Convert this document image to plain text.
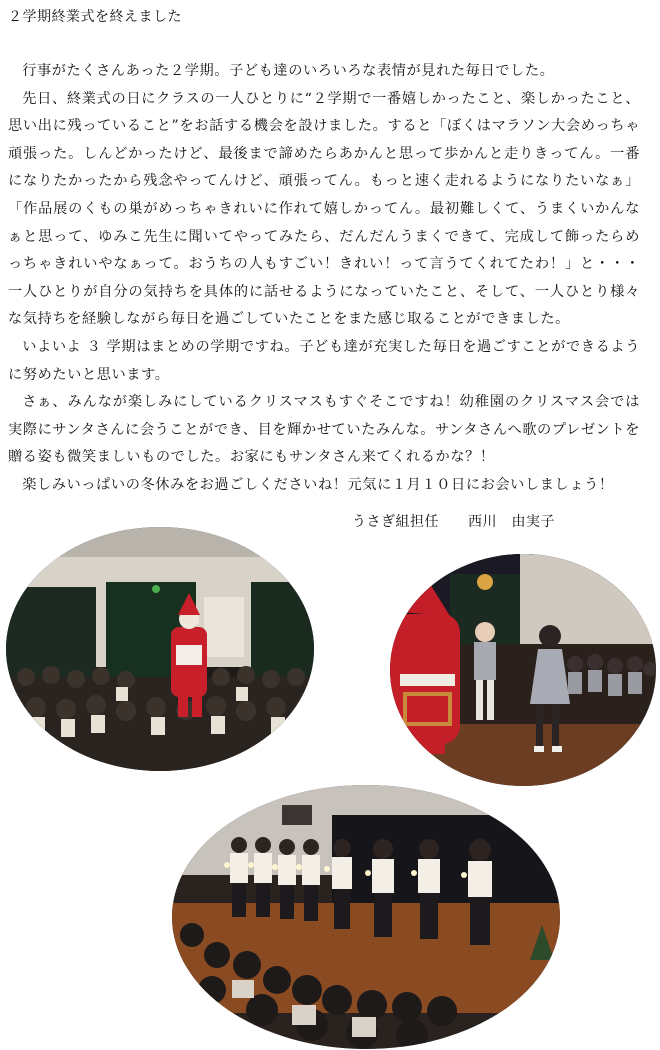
２学期終業式を終えました

行事がたくさんあった２学期。子ども達のいろいろな表情が見れた毎日でした。

先日、終業式の日にクラスの一人ひとりに“２学期で一番嬉しかったこと、楽しかったこと、思い出に残っていること”をお話する機会を設けました。すると「ぼくはマラソン大会めっちゃ頑張った。しんどかったけど、最後まで諦めたらあかんと思って歩かんと走りきってん。一番になりたかったから残念やってんけど、頑張ってん。もっと速く走れるようになりたいなぁ」「作品展のくもの巣がめっちゃきれいに作れて嬉しかってん。最初難しくて、うまくいかんなぁと思って、ゆみこ先生に聞いてやってみたら、だんだんうまくできて、完成して飾ったらめっちゃきれいやなぁって。おうちの人もすごい！きれい！って言うてくれてたわ！」と・・・一人ひとりが自分の気持ちを具体的に話せるようになっていたこと、そして、一人ひとり様々な気持ちを経験しながら毎日を過ごしていたことをまた感じ取ることができました。

いよいよ ３ 学期はまとめの学期ですね。子ども達が充実した毎日を過ごすことができるように努めたいと思います。

さぁ、みんなが楽しみにしているクリスマスもすぐそこですね！幼稚園のクリスマス会では実際にサンタさんに会うことができ、目を輝かせていたみんな。サンタさんへ歌のプレゼントを贈る姿も微笑ましいものでした。お家にもサンタさん来てくれるかな？！

楽しみいっぱいの冬休みをお過ごしくださいね！元気に１月１０日にお会いしましょう！

うさぎ組担任　　西川　由実子
